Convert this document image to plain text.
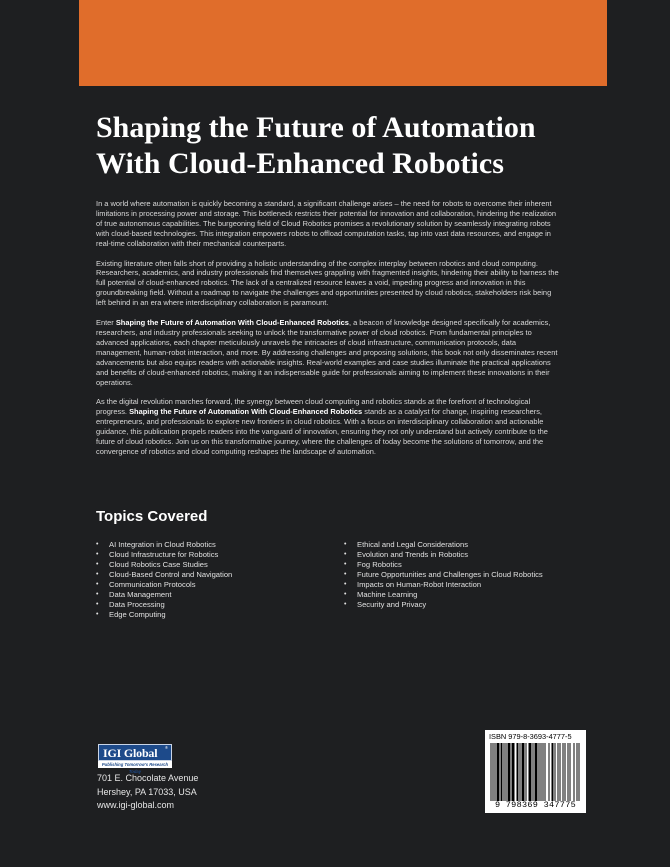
Shaping the Future of Automation
With Cloud-Enhanced Robotics

In a world where automation is quickly becoming a standard, a significant challenge arises – the need for robots to overcome their inherent limitations in processing power and storage. This bottleneck restricts their potential for innovation and collaboration, hindering the realization of true autonomous capabilities. The burgeoning field of Cloud Robotics promises a revolutionary solution by seamlessly integrating robots with cloud-based technologies. This integration empowers robots to offload computation tasks, tap into vast data resources, and engage in real-time collaboration with their mechanical counterparts.

Existing literature often falls short of providing a holistic understanding of the complex interplay between robotics and cloud computing. Researchers, academics, and industry professionals find themselves grappling with fragmented insights, hindering their ability to harness the full potential of cloud-enhanced robotics. The lack of a centralized resource leaves a void, impeding progress and innovation in this groundbreaking field. Without a roadmap to navigate the challenges and opportunities presented by cloud robotics, stakeholders risk being left behind in an era where interdisciplinary collaboration is paramount.

Enter Shaping the Future of Automation With Cloud-Enhanced Robotics, a beacon of knowledge designed specifically for academics, researchers, and industry professionals seeking to unlock the transformative power of cloud robotics. From fundamental principles to advanced applications, each chapter meticulously unravels the intricacies of cloud infrastructure, communication protocols, data management, human-robot interaction, and more. By addressing challenges and proposing solutions, this book not only disseminates recent advancements but also equips readers with actionable insights. Real-world examples and case studies illuminate the practical applications and benefits of cloud-enhanced robotics, making it an indispensable guide for professionals aiming to implement these innovations in their operations.

As the digital revolution marches forward, the synergy between cloud computing and robotics stands at the forefront of technological progress. Shaping the Future of Automation With Cloud-Enhanced Robotics stands as a catalyst for change, inspiring researchers, entrepreneurs, and professionals to explore new frontiers in cloud robotics. With a focus on interdisciplinary collaboration and actionable guidance, this publication propels readers into the vanguard of innovation, ensuring they not only understand but actively contribute to the future of cloud robotics. Join us on this transformative journey, where the challenges of today become the solutions of tomorrow, and the convergence of robotics and cloud computing reshapes the landscape of automation.

Topics Covered
• AI Integration in Cloud Robotics
• Cloud Infrastructure for Robotics
• Cloud Robotics Case Studies
• Cloud-Based Control and Navigation
• Communication Protocols
• Data Management
• Data Processing
• Edge Computing
• Ethical and Legal Considerations
• Evolution and Trends in Robotics
• Fog Robotics
• Future Opportunities and Challenges in Cloud Robotics
• Impacts on Human-Robot Interaction
• Machine Learning
• Security and Privacy
IGI Global ®
Publishing Tomorrow's Research Today
701 E. Chocolate Avenue
Hershey, PA 17033, USA
www.igi-global.com
ISBN 979-8-3693-4777-5
9 798369 347775
